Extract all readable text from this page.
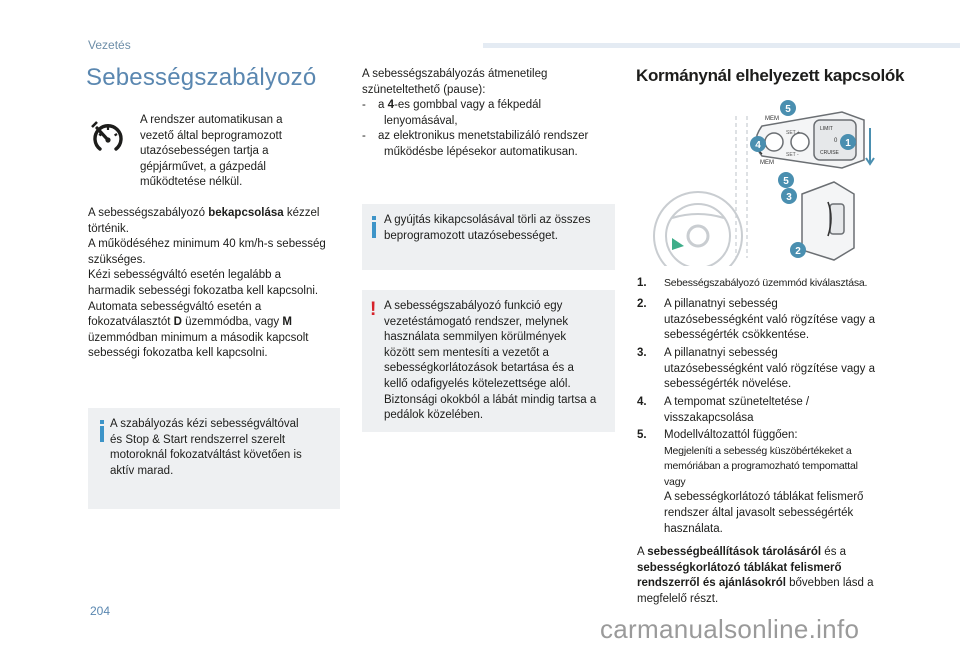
Vezetés
Sebességszabályozó
A rendszer automatikusan a
vezető által beprogramozott
utazósebességen tartja a
gépjárművet, a gázpedál
működtetése nélkül.
A sebességszabályozó bekapcsolása kézzel
történik.
A működéséhez minimum 40 km/h-s sebesség
szükséges.
Kézi sebességváltó esetén legalább a
harmadik sebességi fokozatba kell kapcsolni.
Automata sebességváltó esetén a
fokozatválasztót D üzemmódba, vagy M
üzemmódban minimum a második kapcsolt
sebességi fokozatba kell kapcsolni.
A szabályozás kézi sebességváltóval
és Stop & Start rendszerrel szerelt
motoroknál fokozatváltást követően is
aktív marad.
A sebességszabályozás átmenetileg
szüneteltethető (pause):
- a 4-es gombbal vagy a fékpedál
lenyomásával,
- az elektronikus menetstabilizáló rendszer
működésbe lépésekor automatikusan.
A gyújtás kikapcsolásával törli az összes
beprogramozott utazósebességet.
! A sebességszabályozó funkció egy
vezetéstámogató rendszer, melynek
használata semmilyen körülmények
között sem mentesíti a vezetőt a
sebességkorlátozások betartása és a
kellő odafigyelés kötelezettsége alól.
Biztonsági okokból a lábát mindig tartsa a
pedálok közelében.
Kormánynál elhelyezett kapcsolók
MEM
SET +
SET -
LIMIT
CRUISE
0
MEM
5
1
4
5
3
2
1. Sebességszabályozó üzemmód kiválasztása.
2. A pillanatnyi sebesség
utazósebességként való rögzítése vagy a
sebességérték csökkentése.
3. A pillanatnyi sebesség
utazósebességként való rögzítése vagy a
sebességérték növelése.
4. A tempomat szüneteltetése /
visszakapcsolása
5. Modellváltozattól függően:
Megjeleníti a sebesség küszöbértékeket a
memóriában a programozható tempomattal
vagy
A sebességkorlátozó táblákat felismerő
rendszer által javasolt sebességérték
használata.
A sebességbeállítások tárolásáról és a
sebességkorlátozó táblákat felismerő
rendszerről és ajánlásokról bővebben lásd a
megfelelő részt.
204
carmanualsonline.info
